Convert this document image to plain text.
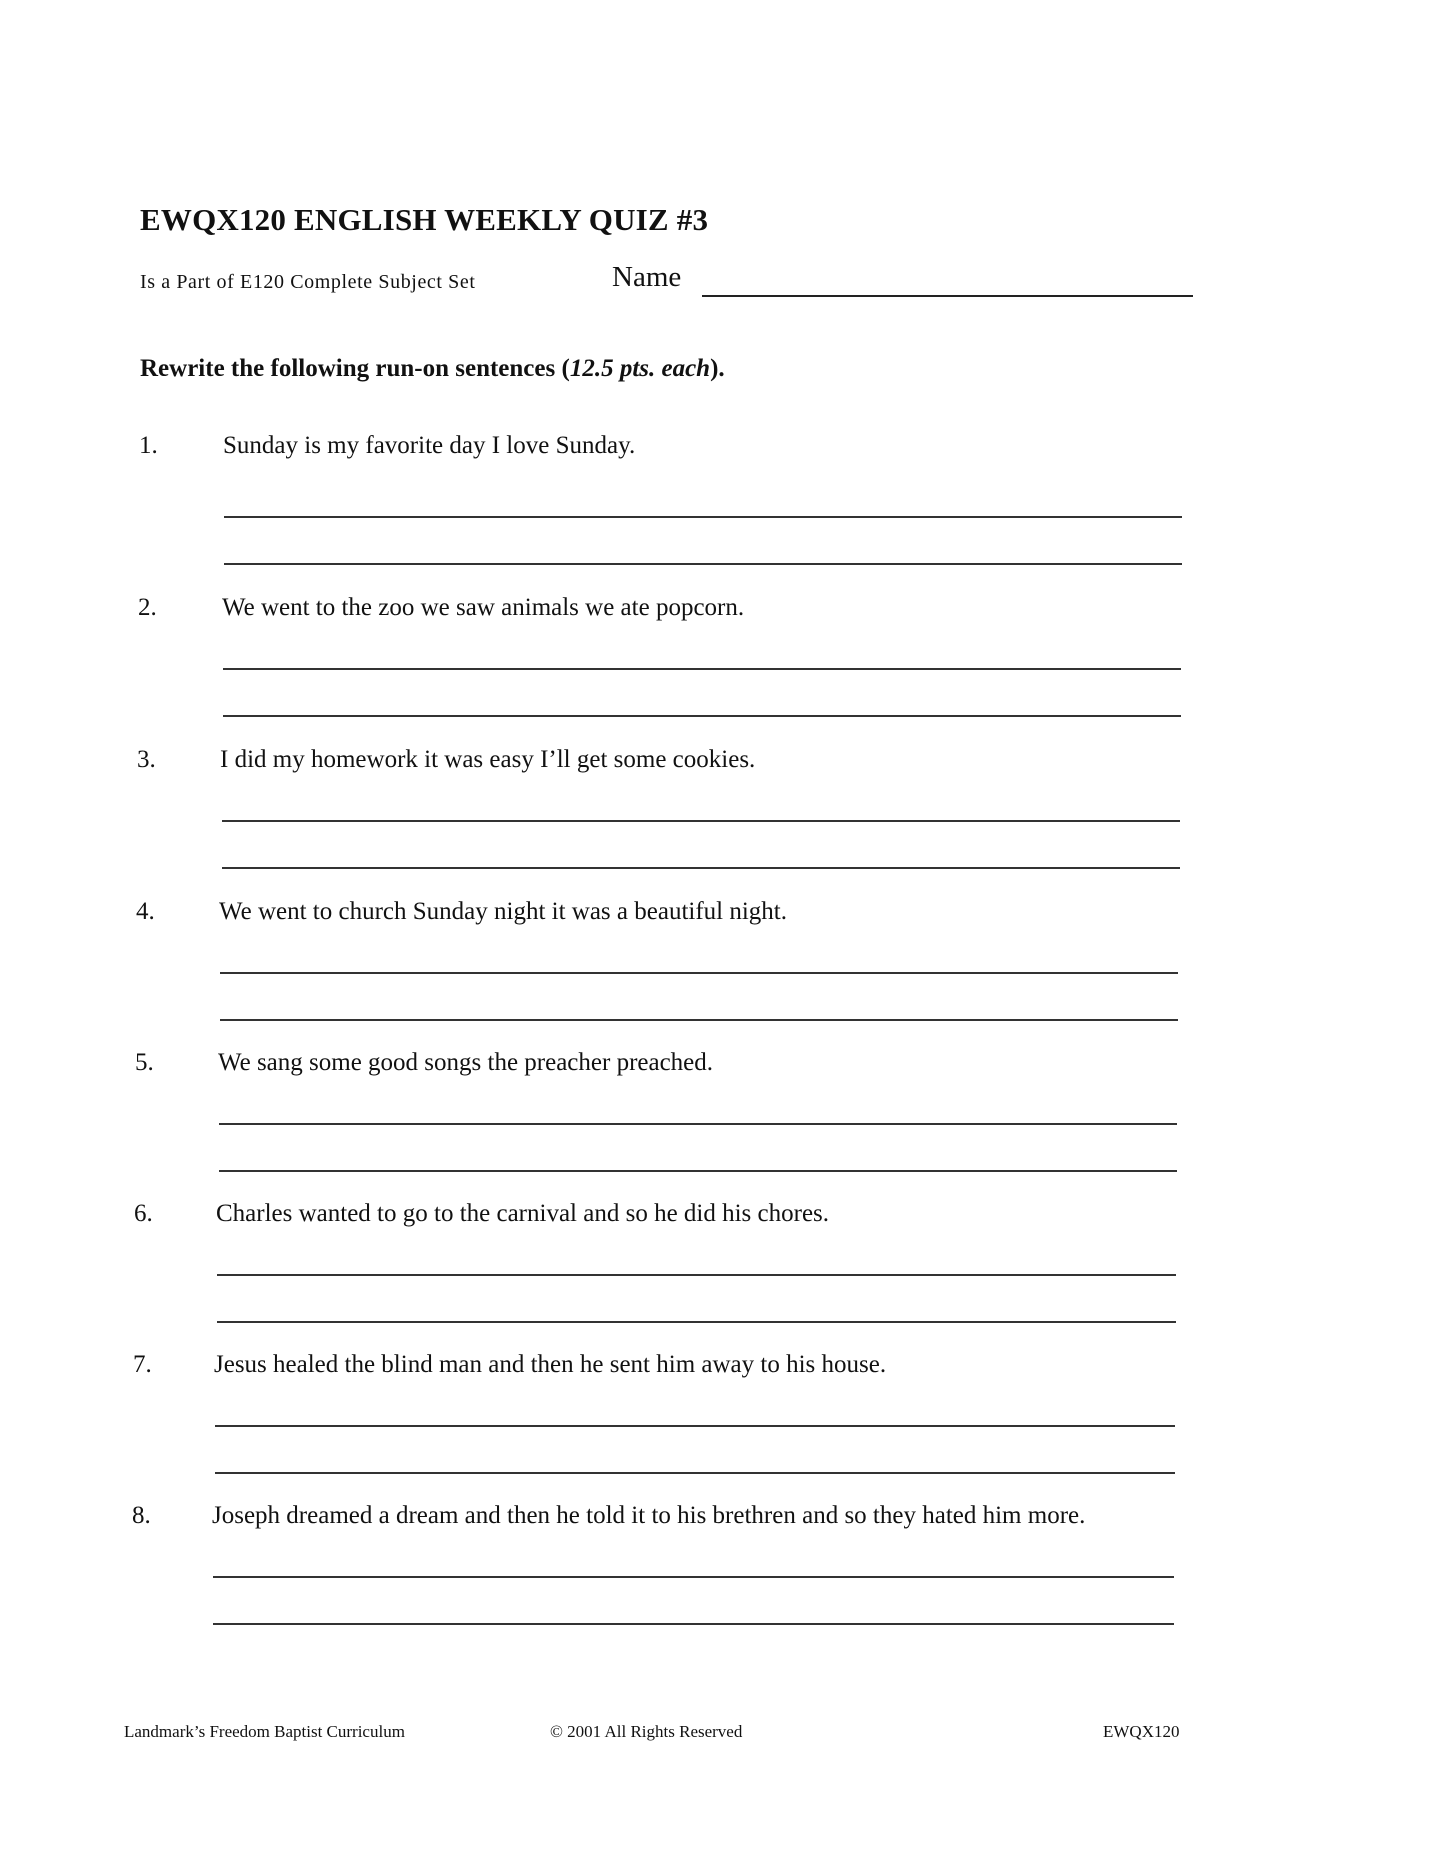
EWQX120 ENGLISH WEEKLY QUIZ #3
Is a Part of E120 Complete Subject Set	Name
Rewrite the following run-on sentences (12.5 pts. each).
1.	Sunday is my favorite day I love Sunday.
2.	We went to the zoo we saw animals we ate popcorn.
3.	I did my homework it was easy I’ll get some cookies.
4.	We went to church Sunday night it was a beautiful night.
5.	We sang some good songs the preacher preached.
6.	Charles wanted to go to the carnival and so he did his chores.
7. Jesus healed the blind man and then he sent him away to his house.
8. Joseph dreamed a dream and then he told it to his brethren and so they hated him more.
Landmark’s Freedom Baptist Curriculum	© 2001 All Rights Reserved	EWQX120
